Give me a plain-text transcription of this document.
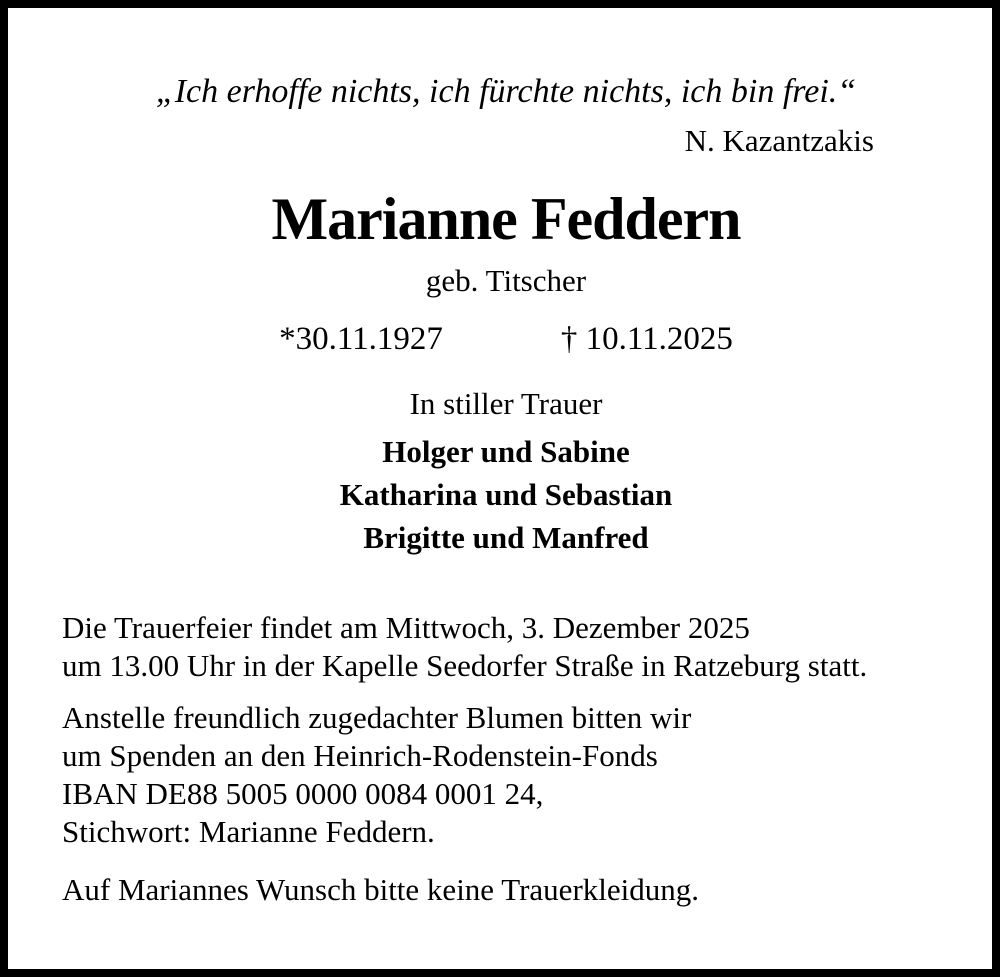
„Ich erhoffe nichts, ich fürchte nichts, ich bin frei.“
N. Kazantzakis
Marianne Feddern
geb. Titscher
*30.11.1927	† 10.11.2025
In stiller Trauer
Holger und Sabine
Katharina und Sebastian
Brigitte und Manfred
Die Trauerfeier findet am Mittwoch, 3. Dezember 2025
um 13.00 Uhr in der Kapelle Seedorfer Straße in Ratzeburg statt.
Anstelle freundlich zugedachter Blumen bitten wir
um Spenden an den Heinrich-Rodenstein-Fonds
IBAN DE88 5005 0000 0084 0001 24,
Stichwort: Marianne Feddern.
Auf Mariannes Wunsch bitte keine Trauerkleidung.
